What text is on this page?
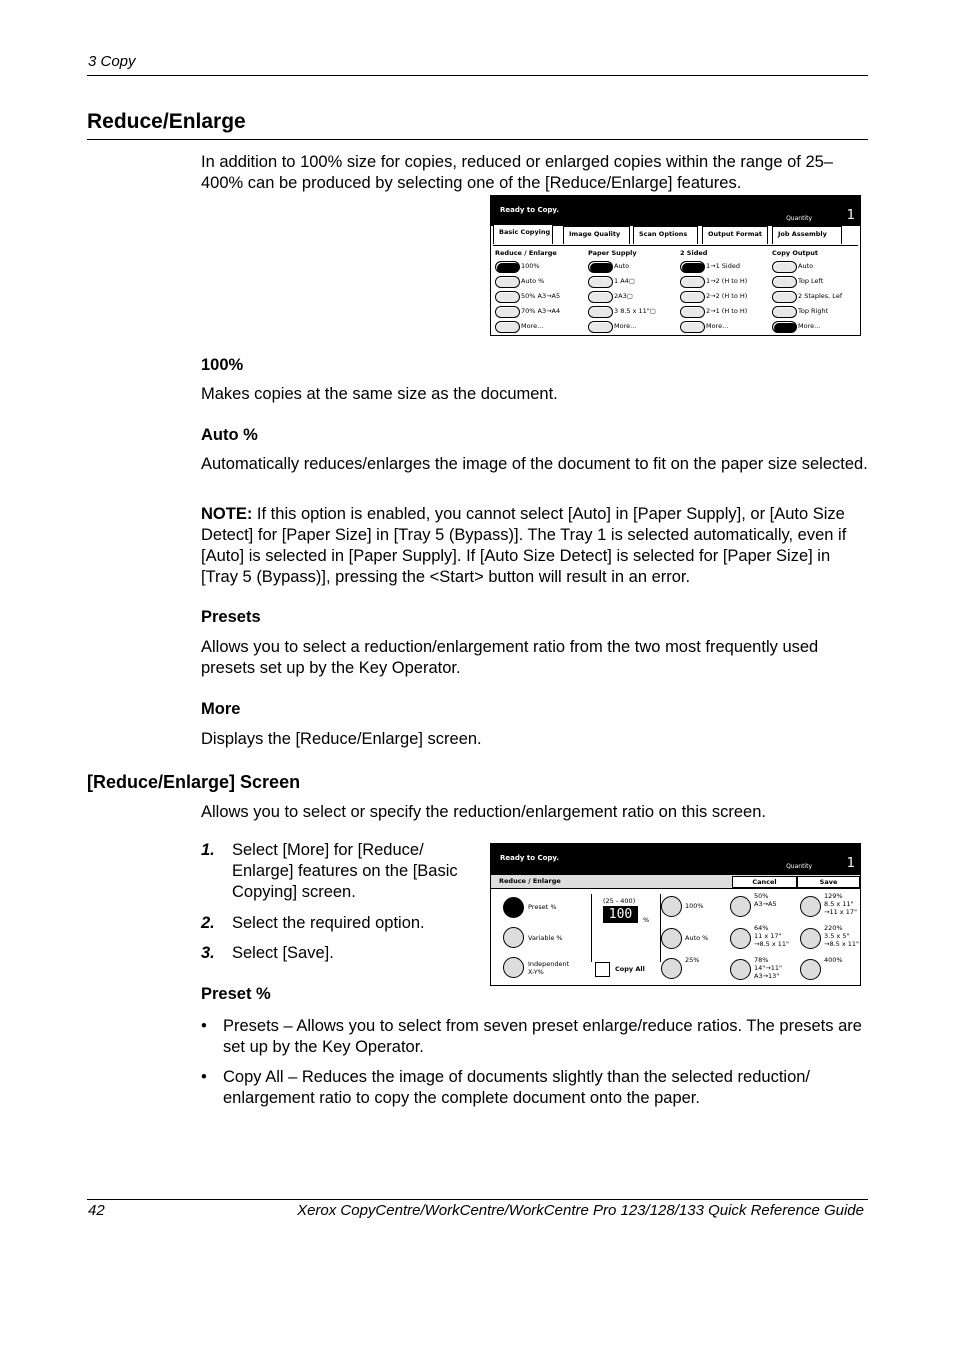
3 Copy
Reduce/Enlarge
In addition to 100% size for copies, reduced or enlarged copies within the range of 25–400% can be produced by selecting one of the [Reduce/Enlarge] features.
Ready to Copy.
Quantity	1
Basic Copying	Image Quality	Scan Options	Output Format	Job Assembly
Reduce / Enlarge
100%
Auto %
50% A3→A5
70% A3→A4
More...
Paper Supply
Auto
1 A4▢
2A3▢
3 8.5 x 11"▢
More...
2 Sided
1→1 Sided
1→2 (H to H)
2→2 (H to H)
2→1 (H to H)
More...
Copy Output
Auto
Top Left
2 Staples, Lef
Top Right
More...
100%
Makes copies at the same size as the document.
Auto %
Automatically reduces/enlarges the image of the document to fit on the paper size selected.
NOTE: If this option is enabled, you cannot select [Auto] in [Paper Supply], or [Auto Size Detect] for [Paper Size] in [Tray 5 (Bypass)]. The Tray 1 is selected automatically, even if [Auto] is selected in [Paper Supply]. If [Auto Size Detect] is selected for [Paper Size] in [Tray 5 (Bypass)], pressing the <Start> button will result in an error.
Presets
Allows you to select a reduction/enlargement ratio from the two most frequently used presets set up by the Key Operator.
More
Displays the [Reduce/Enlarge] screen.
[Reduce/Enlarge] Screen
Allows you to select or specify the reduction/enlargement ratio on this screen.
1. Select [More] for [Reduce/ Enlarge] features on the [Basic Copying] screen.
2. Select the required option.
3. Select [Save].
Ready to Copy.
Quantity	1
Reduce / Enlarge	Cancel	Save
Preset %
Variable %
Independent
X-Y%
(25 - 400)
100	%
Copy All
100%
Auto %
25%
50%
A3→A5
64%
11 x 17"
→8.5 x 11"
78%
14"→11"
A3→13"
129%
8.5 x 11"
→11 x 17"
220%
3.5 x 5"
→8.5 x 11"
400%
Preset %
• Presets – Allows you to select from seven preset enlarge/reduce ratios. The presets are set up by the Key Operator.
• Copy All – Reduces the image of documents slightly than the selected reduction/ enlargement ratio to copy the complete document onto the paper.
42	Xerox CopyCentre/WorkCentre/WorkCentre Pro 123/128/133 Quick Reference Guide
